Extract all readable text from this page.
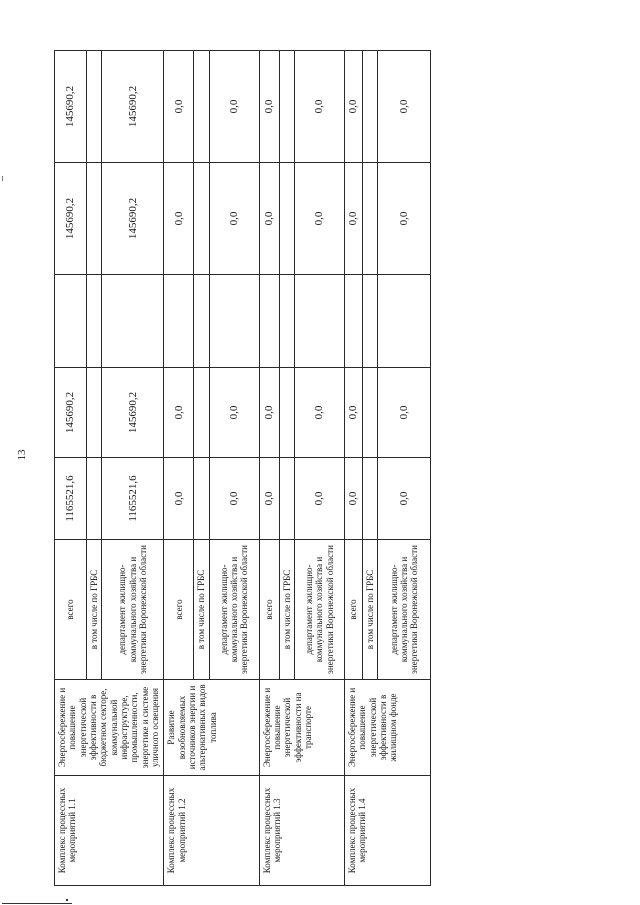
13
Комплекс процессных мероприятий 1.1	Энергосбережение и повышение энергетической эффективности в бюджетном секторе, коммунальной инфраструктуре, промышленности, энергетике и системе уличного освещения	всего	1165521,6	145690,2		145690,2	145690,2
		в том числе по ГРБС					
		департамент жилищно-коммунального хозяйства и энергетики Воронежской области	1165521,6	145690,2		145690,2	145690,2
Комплекс процессных мероприятий 1.2	Развитие возобновляемых источников энергии и альтернативных видов топлива	всего	0,0	0,0		0,0	0,0
		в том числе по ГРБС					
		департамент жилищно-коммунального хозяйства и энергетики Воронежской области	0,0	0,0		0,0	0,0
Комплекс процессных мероприятий 1.3	Энергосбережение и повышение энергетической эффективности на транспорте	всего	0,0	0,0		0,0	0,0
		в том числе по ГРБС					
		департамент жилищно-коммунального хозяйства и энергетики Воронежской области	0,0	0,0		0,0	0,0
Комплекс процессных мероприятий 1.4	Энергосбережение и повышение энергетической эффективности в жилищном фонде	всего	0,0	0,0		0,0	0,0
		в том числе по ГРБС					
		департамент жилищно-коммунального хозяйства и энергетики Воронежской области	0,0	0,0		0,0	0,0
